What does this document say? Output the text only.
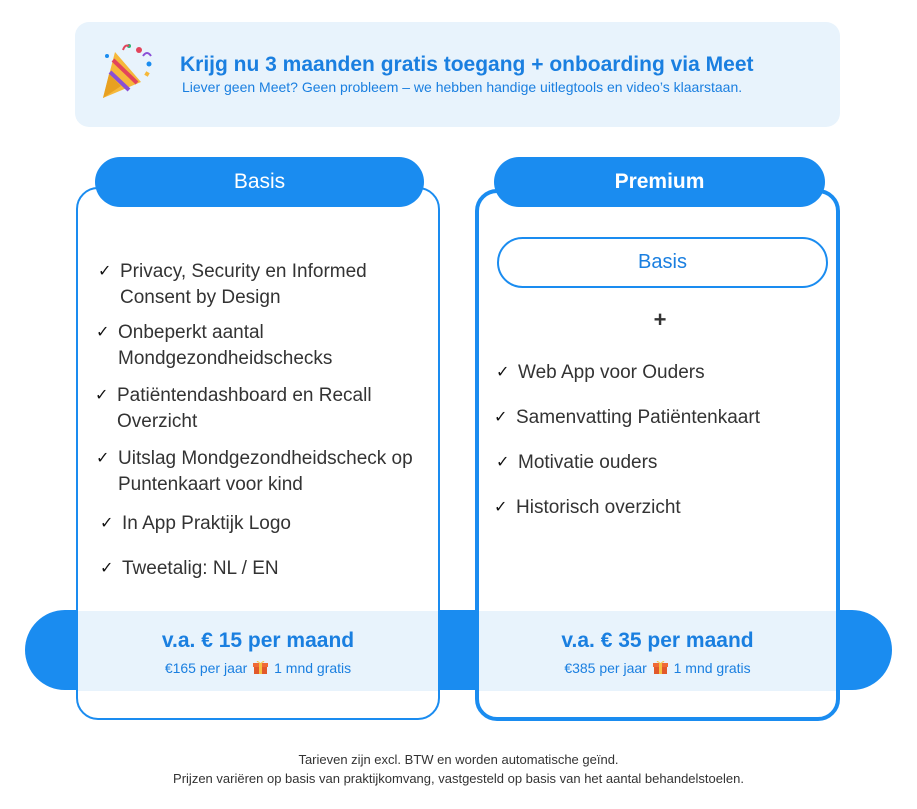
Krijg nu 3 maanden gratis toegang + onboarding via Meet
Liever geen Meet? Geen probleem – we hebben handige uitlegtools en video’s klaarstaan.
v.a. € 15 per maand
€165 per jaar 1 mnd gratis
v.a. € 35 per maand
€385 per jaar 1 mnd gratis
Basis	Premium
✓ Privacy, Security en Informed Consent by Design
✓ Onbeperkt aantal Mondgezondheidschecks
✓ Patiëntendashboard en Recall Overzicht
✓ Uitslag Mondgezondheidscheck op Puntenkaart voor kind
✓ In App Praktijk Logo
✓ Tweetalig: NL / EN
Basis
+
✓ Web App voor Ouders
✓ Samenvatting Patiëntenkaart
✓ Motivatie ouders
✓ Historisch overzicht
Tarieven zijn excl. BTW en worden automatische geïnd.
Prijzen variëren op basis van praktijkomvang, vastgesteld op basis van het aantal behandelstoelen.
